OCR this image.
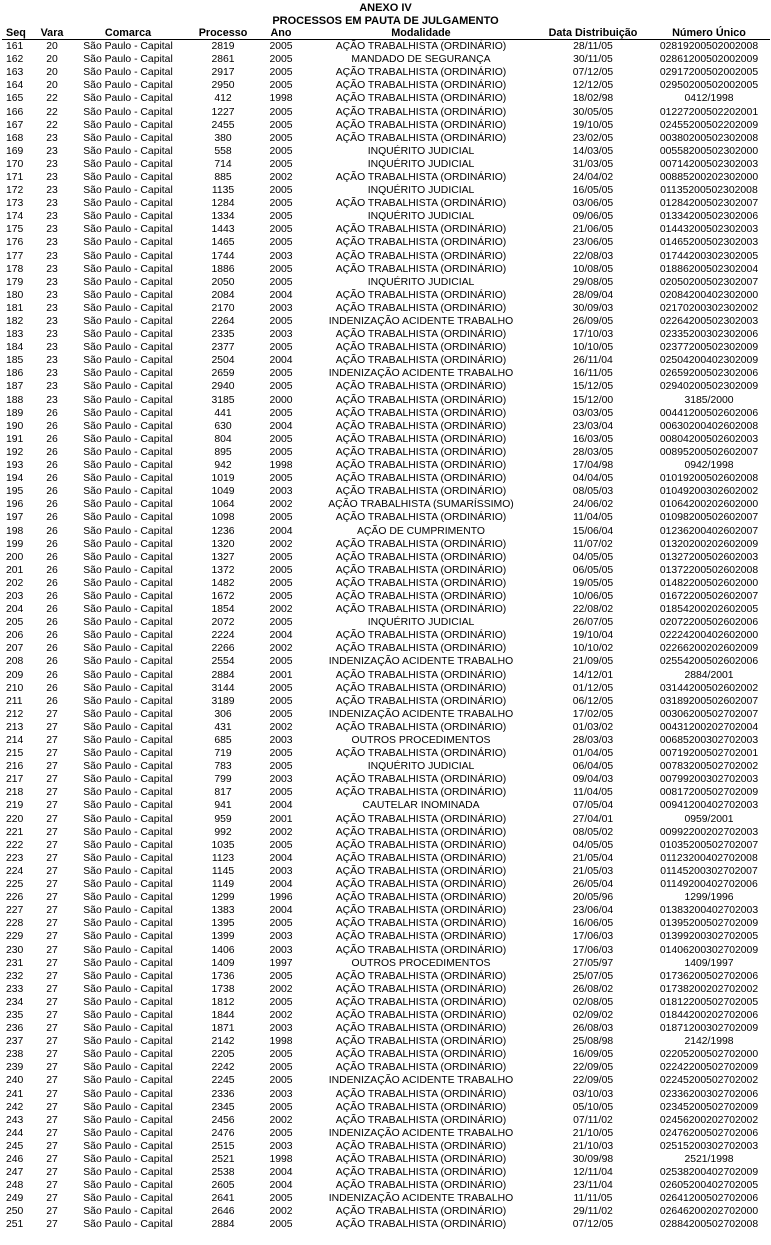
ANEXO IV

PROCESSOS EM PAUTA DE JULGAMENTO

Seq	Vara	Comarca	Processo	Ano	Modalidade	Data Distribuição	Número Único
161	20	São Paulo - Capital	2819	2005	AÇÃO TRABALHISTA (ORDINÁRIO)	28/11/05	02819200502002008
162	20	São Paulo - Capital	2861	2005	MANDADO DE SEGURANÇA	30/11/05	02861200502002009
163	20	São Paulo - Capital	2917	2005	AÇÃO TRABALHISTA (ORDINÁRIO)	07/12/05	02917200502002005
164	20	São Paulo - Capital	2950	2005	AÇÃO TRABALHISTA (ORDINÁRIO)	12/12/05	02950200502002005
165	22	São Paulo - Capital	412	1998	AÇÃO TRABALHISTA (ORDINÁRIO)	18/02/98	0412/1998
166	22	São Paulo - Capital	1227	2005	AÇÃO TRABALHISTA (ORDINÁRIO)	30/05/05	01227200502202001
167	22	São Paulo - Capital	2455	2005	AÇÃO TRABALHISTA (ORDINÁRIO)	19/10/05	02455200502202009
168	23	São Paulo - Capital	380	2005	AÇÃO TRABALHISTA (ORDINÁRIO)	23/02/05	00380200502302008
169	23	São Paulo - Capital	558	2005	INQUÉRITO JUDICIAL	14/03/05	00558200502302000
170	23	São Paulo - Capital	714	2005	INQUÉRITO JUDICIAL	31/03/05	00714200502302003
171	23	São Paulo - Capital	885	2002	AÇÃO TRABALHISTA (ORDINÁRIO)	24/04/02	00885200202302000
172	23	São Paulo - Capital	1135	2005	INQUÉRITO JUDICIAL	16/05/05	01135200502302008
173	23	São Paulo - Capital	1284	2005	AÇÃO TRABALHISTA (ORDINÁRIO)	03/06/05	01284200502302007
174	23	São Paulo - Capital	1334	2005	INQUÉRITO JUDICIAL	09/06/05	01334200502302006
175	23	São Paulo - Capital	1443	2005	AÇÃO TRABALHISTA (ORDINÁRIO)	21/06/05	01443200502302003
176	23	São Paulo - Capital	1465	2005	AÇÃO TRABALHISTA (ORDINÁRIO)	23/06/05	01465200502302003
177	23	São Paulo - Capital	1744	2003	AÇÃO TRABALHISTA (ORDINÁRIO)	22/08/03	01744200302302005
178	23	São Paulo - Capital	1886	2005	AÇÃO TRABALHISTA (ORDINÁRIO)	10/08/05	01886200502302004
179	23	São Paulo - Capital	2050	2005	INQUÉRITO JUDICIAL	29/08/05	02050200502302007
180	23	São Paulo - Capital	2084	2004	AÇÃO TRABALHISTA (ORDINÁRIO)	28/09/04	02084200402302000
181	23	São Paulo - Capital	2170	2003	AÇÃO TRABALHISTA (ORDINÁRIO)	30/09/03	02170200302302002
182	23	São Paulo - Capital	2264	2005	INDENIZAÇÃO ACIDENTE TRABALHO	26/09/05	02264200502302003
183	23	São Paulo - Capital	2335	2003	AÇÃO TRABALHISTA (ORDINÁRIO)	17/10/03	02335200302302006
184	23	São Paulo - Capital	2377	2005	AÇÃO TRABALHISTA (ORDINÁRIO)	10/10/05	02377200502302009
185	23	São Paulo - Capital	2504	2004	AÇÃO TRABALHISTA (ORDINÁRIO)	26/11/04	02504200402302009
186	23	São Paulo - Capital	2659	2005	INDENIZAÇÃO ACIDENTE TRABALHO	16/11/05	02659200502302006
187	23	São Paulo - Capital	2940	2005	AÇÃO TRABALHISTA (ORDINÁRIO)	15/12/05	02940200502302009
188	23	São Paulo - Capital	3185	2000	AÇÃO TRABALHISTA (ORDINÁRIO)	15/12/00	3185/2000
189	26	São Paulo - Capital	441	2005	AÇÃO TRABALHISTA (ORDINÁRIO)	03/03/05	00441200502602006
190	26	São Paulo - Capital	630	2004	AÇÃO TRABALHISTA (ORDINÁRIO)	23/03/04	00630200402602008
191	26	São Paulo - Capital	804	2005	AÇÃO TRABALHISTA (ORDINÁRIO)	16/03/05	00804200502602003
192	26	São Paulo - Capital	895	2005	AÇÃO TRABALHISTA (ORDINÁRIO)	28/03/05	00895200502602007
193	26	São Paulo - Capital	942	1998	AÇÃO TRABALHISTA (ORDINÁRIO)	17/04/98	0942/1998
194	26	São Paulo - Capital	1019	2005	AÇÃO TRABALHISTA (ORDINÁRIO)	04/04/05	01019200502602008
195	26	São Paulo - Capital	1049	2003	AÇÃO TRABALHISTA (ORDINÁRIO)	08/05/03	01049200302602002
196	26	São Paulo - Capital	1064	2002	AÇÃO TRABALHISTA (SUMARÍSSIMO)	24/06/02	01064200202602000
197	26	São Paulo - Capital	1098	2005	AÇÃO TRABALHISTA (ORDINÁRIO)	11/04/05	01098200502602007
198	26	São Paulo - Capital	1236	2004	AÇÃO DE CUMPRIMENTO	15/06/04	01236200402602007
199	26	São Paulo - Capital	1320	2002	AÇÃO TRABALHISTA (ORDINÁRIO)	11/07/02	01320200202602009
200	26	São Paulo - Capital	1327	2005	AÇÃO TRABALHISTA (ORDINÁRIO)	04/05/05	01327200502602003
201	26	São Paulo - Capital	1372	2005	AÇÃO TRABALHISTA (ORDINÁRIO)	06/05/05	01372200502602008
202	26	São Paulo - Capital	1482	2005	AÇÃO TRABALHISTA (ORDINÁRIO)	19/05/05	01482200502602000
203	26	São Paulo - Capital	1672	2005	AÇÃO TRABALHISTA (ORDINÁRIO)	10/06/05	01672200502602007
204	26	São Paulo - Capital	1854	2002	AÇÃO TRABALHISTA (ORDINÁRIO)	22/08/02	01854200202602005
205	26	São Paulo - Capital	2072	2005	INQUÉRITO JUDICIAL	26/07/05	02072200502602006
206	26	São Paulo - Capital	2224	2004	AÇÃO TRABALHISTA (ORDINÁRIO)	19/10/04	02224200402602000
207	26	São Paulo - Capital	2266	2002	AÇÃO TRABALHISTA (ORDINÁRIO)	10/10/02	02266200202602009
208	26	São Paulo - Capital	2554	2005	INDENIZAÇÃO ACIDENTE TRABALHO	21/09/05	02554200502602006
209	26	São Paulo - Capital	2884	2001	AÇÃO TRABALHISTA (ORDINÁRIO)	14/12/01	2884/2001
210	26	São Paulo - Capital	3144	2005	AÇÃO TRABALHISTA (ORDINÁRIO)	01/12/05	03144200502602002
211	26	São Paulo - Capital	3189	2005	AÇÃO TRABALHISTA (ORDINÁRIO)	06/12/05	03189200502602007
212	27	São Paulo - Capital	306	2005	INDENIZAÇÃO ACIDENTE TRABALHO	17/02/05	00306200502702007
213	27	São Paulo - Capital	431	2002	AÇÃO TRABALHISTA (ORDINÁRIO)	01/03/02	00431200202702004
214	27	São Paulo - Capital	685	2003	OUTROS PROCEDIMENTOS	28/03/03	00685200302702003
215	27	São Paulo - Capital	719	2005	AÇÃO TRABALHISTA (ORDINÁRIO)	01/04/05	00719200502702001
216	27	São Paulo - Capital	783	2005	INQUÉRITO JUDICIAL	06/04/05	00783200502702002
217	27	São Paulo - Capital	799	2003	AÇÃO TRABALHISTA (ORDINÁRIO)	09/04/03	00799200302702003
218	27	São Paulo - Capital	817	2005	AÇÃO TRABALHISTA (ORDINÁRIO)	11/04/05	00817200502702009
219	27	São Paulo - Capital	941	2004	CAUTELAR INOMINADA	07/05/04	00941200402702003
220	27	São Paulo - Capital	959	2001	AÇÃO TRABALHISTA (ORDINÁRIO)	27/04/01	0959/2001
221	27	São Paulo - Capital	992	2002	AÇÃO TRABALHISTA (ORDINÁRIO)	08/05/02	00992200202702003
222	27	São Paulo - Capital	1035	2005	AÇÃO TRABALHISTA (ORDINÁRIO)	04/05/05	01035200502702007
223	27	São Paulo - Capital	1123	2004	AÇÃO TRABALHISTA (ORDINÁRIO)	21/05/04	01123200402702008
224	27	São Paulo - Capital	1145	2003	AÇÃO TRABALHISTA (ORDINÁRIO)	21/05/03	01145200302702007
225	27	São Paulo - Capital	1149	2004	AÇÃO TRABALHISTA (ORDINÁRIO)	26/05/04	01149200402702006
226	27	São Paulo - Capital	1299	1996	AÇÃO TRABALHISTA (ORDINÁRIO)	20/05/96	1299/1996
227	27	São Paulo - Capital	1383	2004	AÇÃO TRABALHISTA (ORDINÁRIO)	23/06/04	01383200402702003
228	27	São Paulo - Capital	1395	2005	AÇÃO TRABALHISTA (ORDINÁRIO)	16/06/05	01395200502702009
229	27	São Paulo - Capital	1399	2003	AÇÃO TRABALHISTA (ORDINÁRIO)	17/06/03	01399200302702005
230	27	São Paulo - Capital	1406	2003	AÇÃO TRABALHISTA (ORDINÁRIO)	17/06/03	01406200302702009
231	27	São Paulo - Capital	1409	1997	OUTROS PROCEDIMENTOS	27/05/97	1409/1997
232	27	São Paulo - Capital	1736	2005	AÇÃO TRABALHISTA (ORDINÁRIO)	25/07/05	01736200502702006
233	27	São Paulo - Capital	1738	2002	AÇÃO TRABALHISTA (ORDINÁRIO)	26/08/02	01738200202702002
234	27	São Paulo - Capital	1812	2005	AÇÃO TRABALHISTA (ORDINÁRIO)	02/08/05	01812200502702005
235	27	São Paulo - Capital	1844	2002	AÇÃO TRABALHISTA (ORDINÁRIO)	02/09/02	01844200202702006
236	27	São Paulo - Capital	1871	2003	AÇÃO TRABALHISTA (ORDINÁRIO)	26/08/03	01871200302702009
237	27	São Paulo - Capital	2142	1998	AÇÃO TRABALHISTA (ORDINÁRIO)	25/08/98	2142/1998
238	27	São Paulo - Capital	2205	2005	AÇÃO TRABALHISTA (ORDINÁRIO)	16/09/05	02205200502702000
239	27	São Paulo - Capital	2242	2005	AÇÃO TRABALHISTA (ORDINÁRIO)	22/09/05	02242200502702009
240	27	São Paulo - Capital	2245	2005	INDENIZAÇÃO ACIDENTE TRABALHO	22/09/05	02245200502702002
241	27	São Paulo - Capital	2336	2003	AÇÃO TRABALHISTA (ORDINÁRIO)	03/10/03	02336200302702006
242	27	São Paulo - Capital	2345	2005	AÇÃO TRABALHISTA (ORDINÁRIO)	05/10/05	02345200502702009
243	27	São Paulo - Capital	2456	2002	AÇÃO TRABALHISTA (ORDINÁRIO)	07/11/02	02456200202702002
244	27	São Paulo - Capital	2476	2005	INDENIZAÇÃO ACIDENTE TRABALHO	21/10/05	02476200502702006
245	27	São Paulo - Capital	2515	2003	AÇÃO TRABALHISTA (ORDINÁRIO)	21/10/03	02515200302702003
246	27	São Paulo - Capital	2521	1998	AÇÃO TRABALHISTA (ORDINÁRIO)	30/09/98	2521/1998
247	27	São Paulo - Capital	2538	2004	AÇÃO TRABALHISTA (ORDINÁRIO)	12/11/04	02538200402702009
248	27	São Paulo - Capital	2605	2004	AÇÃO TRABALHISTA (ORDINÁRIO)	23/11/04	02605200402702005
249	27	São Paulo - Capital	2641	2005	INDENIZAÇÃO ACIDENTE TRABALHO	11/11/05	02641200502702006
250	27	São Paulo - Capital	2646	2002	AÇÃO TRABALHISTA (ORDINÁRIO)	29/11/02	02646200202702000
251	27	São Paulo - Capital	2884	2005	AÇÃO TRABALHISTA (ORDINÁRIO)	07/12/05	02884200502702008
